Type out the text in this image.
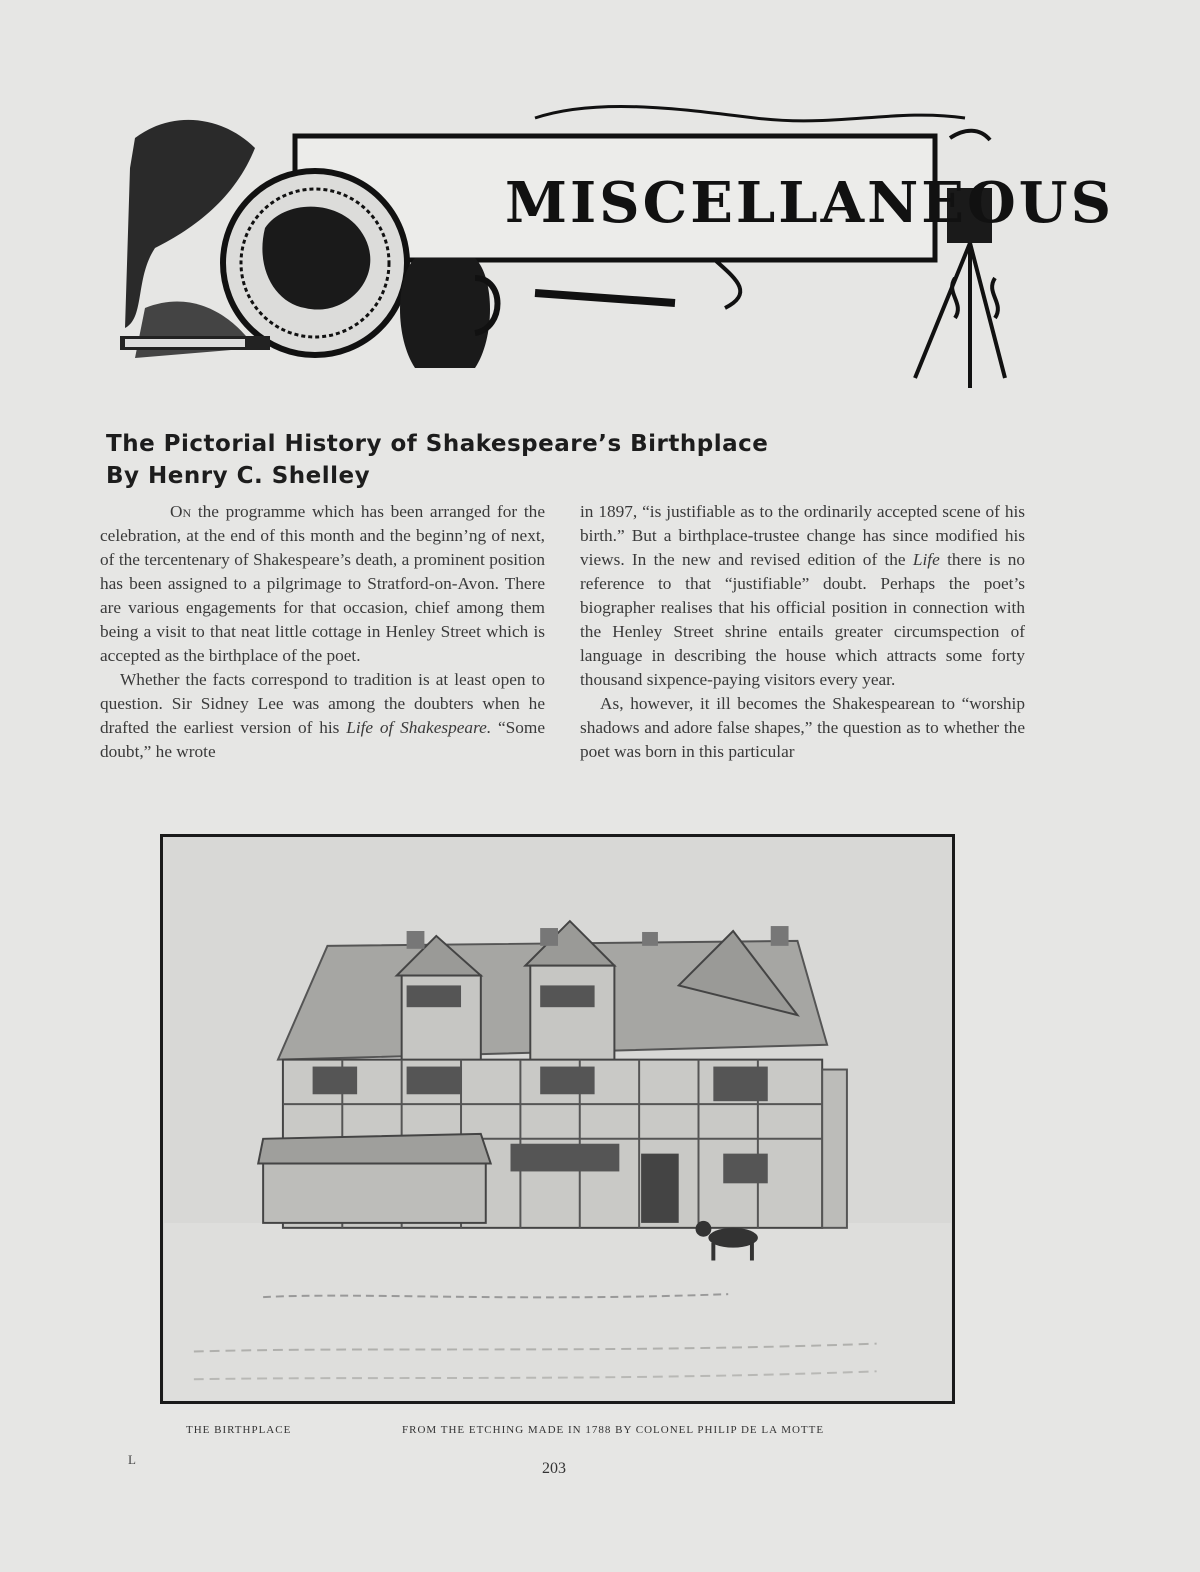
MISCELLANEOUS
The Pictorial History of Shakespeare’s Birthplace
By Henry C. Shelley

On the programme which has been arranged for the celebration, at the end of this month and the beginn’ng of next, of the tercentenary of Shakespeare’s death, a prominent position has been assigned to a pilgrimage to Stratford-on-Avon. There are various engagements for that occasion, chief among them being a visit to that neat little cottage in Henley Street which is accepted as the birthplace of the poet.

Whether the facts correspond to tradition is at least open to question. Sir Sidney Lee was among the doubters when he drafted the earliest version of his Life of Shakespeare. “Some doubt,” he wrote

in 1897, “is justifiable as to the ordinarily accepted scene of his birth.” But a birthplace-trustee change has since modified his views. In the new and revised edition of the Life there is no reference to that “justifiable” doubt. Perhaps the poet’s biographer realises that his official position in connection with the Henley Street shrine entails greater circumspection of language in describing the house which attracts some forty thousand sixpence-paying visitors every year.

As, however, it ill becomes the Shakespearean to “worship shadows and adore false shapes,” the question as to whether the poet was born in this particular

THE BIRTHPLACE	FROM THE ETCHING MADE IN 1788 BY COLONEL PHILIP DE LA MOTTE
L
203
